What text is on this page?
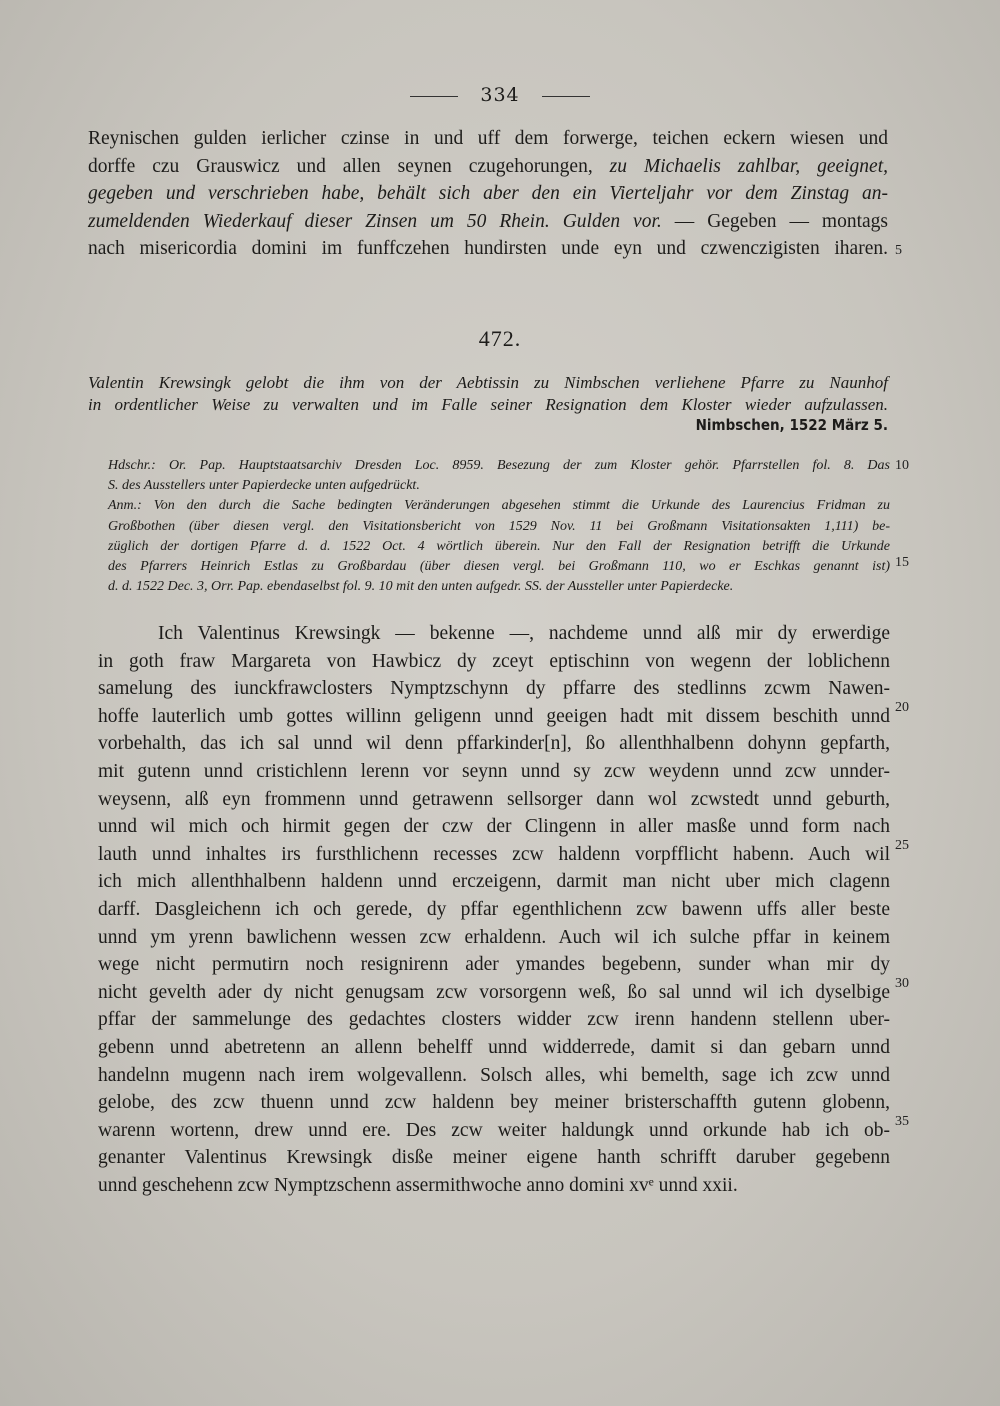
334
Reynischen gulden ierlicher czinse in und uff dem forwerge, teichen eckern wiesen und
dorffe czu Grauswicz und allen seynen czugehorungen, zu Michaelis zahlbar, geeignet,
gegeben und verschrieben habe, behält sich aber den ein Vierteljahr vor dem Zinstag an-
zumeldenden Wiederkauf dieser Zinsen um 50 Rhein. Gulden vor. — Gegeben — montags
nach misericordia domini im funffczehen hundirsten unde eyn und czwenczigisten iharen. 5
472.
Valentin Krewsingk gelobt die ihm von der Aebtissin zu Nimbschen verliehene Pfarre zu Naunhof
in ordentlicher Weise zu verwalten und im Falle seiner Resignation dem Kloster wieder aufzulassen.
Nimbschen, 1522 März 5.
Hdschr.: Or. Pap. Hauptstaatsarchiv Dresden Loc. 8959. Besezung der zum Kloster gehör. Pfarrstellen fol. 8. Das
S. des Ausstellers unter Papierdecke unten aufgedrückt.
Anm.: Von den durch die Sache bedingten Veränderungen abgesehen stimmt die Urkunde des Laurencius Fridman zu
Großbothen (über diesen vergl. den Visitationsbericht von 1529 Nov. 11 bei Großmann Visitationsakten 1,111) be-
züglich der dortigen Pfarre d. d. 1522 Oct. 4 wörtlich überein. Nur den Fall der Resignation betrifft die Urkunde
des Pfarrers Heinrich Estlas zu Großbardau (über diesen vergl. bei Großmann 110, wo er Eschkas genannt ist)
d. d. 1522 Dec. 3, Orr. Pap. ebendaselbst fol. 9. 10 mit den unten aufgedr. SS. der Aussteller unter Papierdecke.
10
15
Ich Valentinus Krewsingk — bekenne —, nachdeme unnd alß mir dy erwerdige
in goth fraw Margareta von Hawbicz dy zceyt eptischinn von wegenn der loblichenn
samelung des iunckfrawclosters Nymptzschynn dy pffarre des stedlinns zcwm Nawen-
hoffe lauterlich umb gottes willinn geligenn unnd geeigen hadt mit dissem beschith unnd
vorbehalth, das ich sal unnd wil denn pffarkinder[n], ßo allenthhalbenn dohynn gepfarth,
mit gutenn unnd cristichlenn lerenn vor seynn unnd sy zcw weydenn unnd zcw unnder-
weysenn, alß eyn frommenn unnd getrawenn sellsorger dann wol zcwstedt unnd geburth,
unnd wil mich och hirmit gegen der czw der Clingenn in aller masße unnd form nach
lauth unnd inhaltes irs fursthlichenn recesses zcw haldenn vorpfflicht habenn. Auch wil
ich mich allenthhalbenn haldenn unnd erczeigenn, darmit man nicht uber mich clagenn
darff. Dasgleichenn ich och gerede, dy pffar egenthlichenn zcw bawenn uffs aller beste
unnd ym yrenn bawlichenn wessen zcw erhaldenn. Auch wil ich sulche pffar in keinem
wege nicht permutirn noch resignirenn ader ymandes begebenn, sunder whan mir dy
nicht gevelth ader dy nicht genugsam zcw vorsorgenn weß, ßo sal unnd wil ich dyselbige
pffar der sammelunge des gedachtes closters widder zcw irenn handenn stellenn uber-
gebenn unnd abetretenn an allenn behelff unnd widderrede, damit si dan gebarn unnd
handelnn mugenn nach irem wolgevallenn. Solsch alles, whi bemelth, sage ich zcw unnd
gelobe, des zcw thuenn unnd zcw haldenn bey meiner bristerschaffth gutenn globenn,
warenn wortenn, drew unnd ere. Des zcw weiter haldungk unnd orkunde hab ich ob-
genanter Valentinus Krewsingk disße meiner eigene hanth schrifft daruber gegebenn
unnd geschehenn zcw Nymptzschenn assermithwoche anno domini xvᵉ unnd xxii.
20
25
30
35
